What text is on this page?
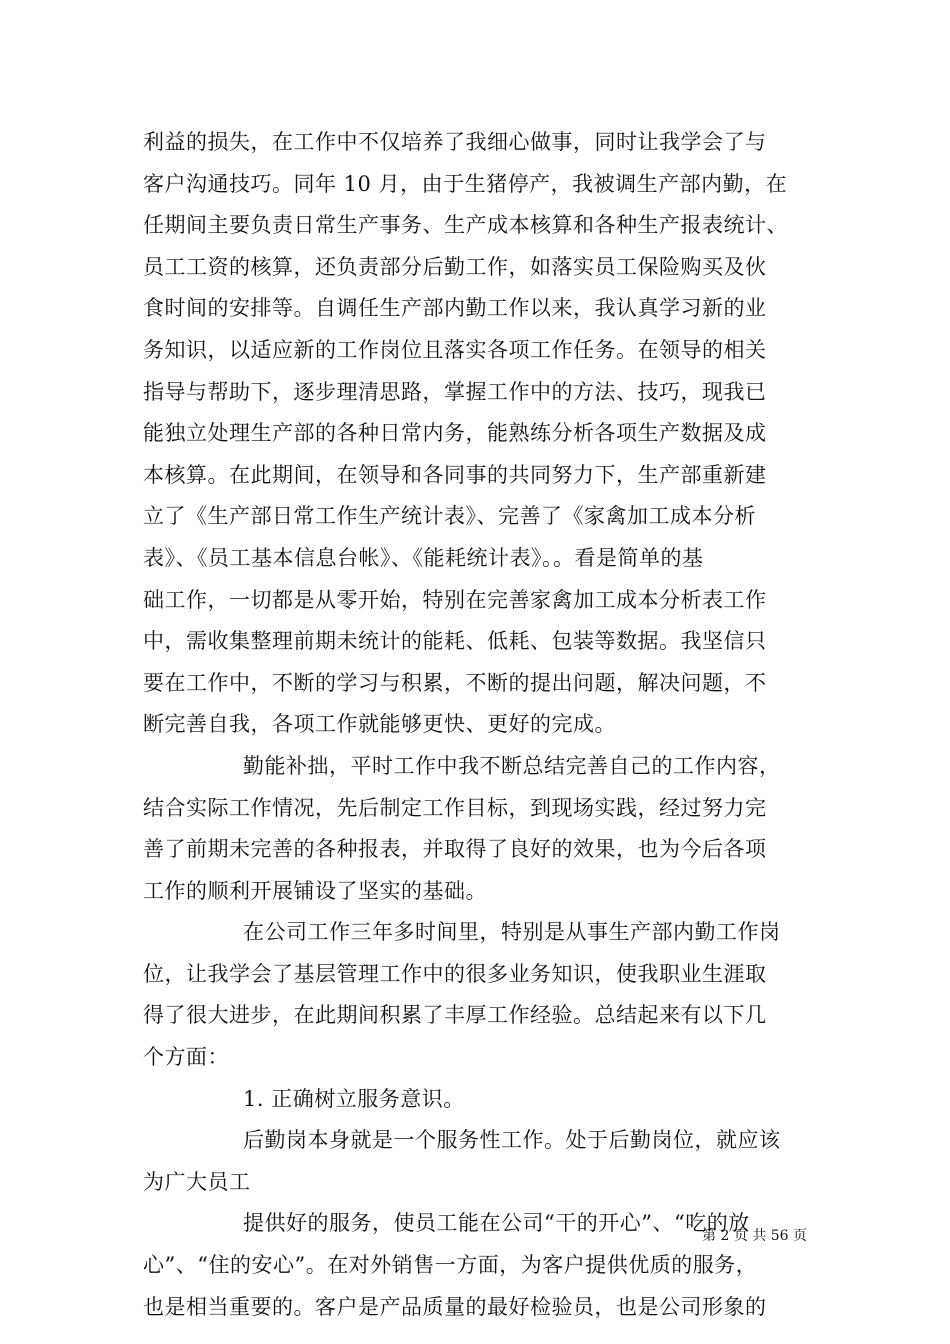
利益的损失，在工作中不仅培养了我细心做事，同时让我学会了与
客户沟通技巧。同年 10 月，由于生猪停产，我被调生产部内勤，在
任期间主要负责日常生产事务、生产成本核算和各种生产报表统计、
员工工资的核算，还负责部分后勤工作，如落实员工保险购买及伙
食时间的安排等。自调任生产部内勤工作以来，我认真学习新的业
务知识，以适应新的工作岗位且落实各项工作任务。在领导的相关
指导与帮助下，逐步理清思路，掌握工作中的方法、技巧，现我已
能独立处理生产部的各种日常内务，能熟练分析各项生产数据及成
本核算。在此期间，在领导和各同事的共同努力下，生产部重新建
立了《生产部日常工作生产统计表》、完善了《家禽加工成本分析
表》、《员工基本信息台帐》、《能耗统计表》。。看是简单的基
础工作，一切都是从零开始，特别在完善家禽加工成本分析表工作
中，需收集整理前期未统计的能耗、低耗、包装等数据。我坚信只
要在工作中，不断的学习与积累，不断的提出问题，解决问题，不
断完善自我，各项工作就能够更快、更好的完成。
勤能补拙，平时工作中我不断总结完善自己的工作内容，
结合实际工作情况，先后制定工作目标，到现场实践，经过努力完
善了前期未完善的各种报表，并取得了良好的效果，也为今后各项
工作的顺利开展铺设了坚实的基础。
在公司工作三年多时间里，特别是从事生产部内勤工作岗
位，让我学会了基层管理工作中的很多业务知识，使我职业生涯取
得了很大进步，在此期间积累了丰厚工作经验。总结起来有以下几
个方面：
1. 正确树立服务意识。
后勤岗本身就是一个服务性工作。处于后勤岗位，就应该
为广大员工
提供好的服务，使员工能在公司“干的开心”、“吃的放
心”、“住的安心”。在对外销售一方面，为客户提供优质的服务，
也是相当重要的。客户是产品质量的最好检验员，也是公司形象的
第 2 页 共 56 页
